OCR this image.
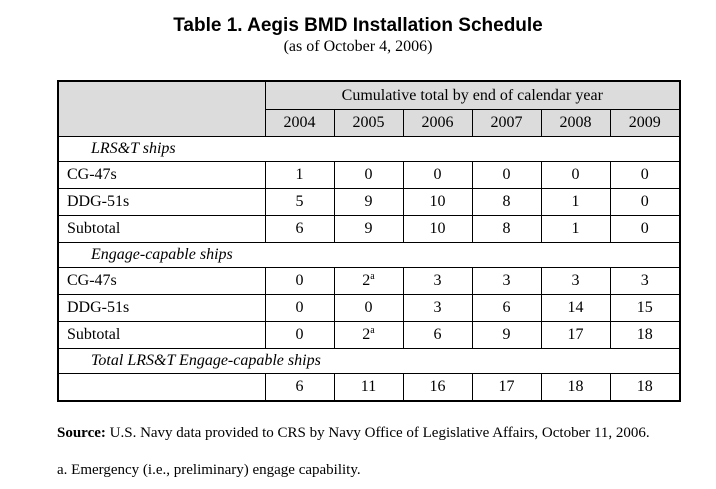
Table 1. Aegis BMD Installation Schedule
(as of October 4, 2006)
	Cumulative total by end of calendar year					
	2004	2005	2006	2007	2008	2009
LRS&T ships						
CG-47s	1	0	0	0	0	0
DDG-51s	5	9	10	8	1	0
Subtotal	6	9	10	8	1	0
Engage-capable ships						
CG-47s	0	2$^a$	3	3	3	3
DDG-51s	0	0	3	6	14	15
Subtotal	0	2$^a$	6	9	17	18
Total LRS&T Engage-capable ships						
	6	11	16	17	18	18
Source: U.S. Navy data provided to CRS by Navy Office of Legislative Affairs, October 11, 2006.
a. Emergency (i.e., preliminary) engage capability.
